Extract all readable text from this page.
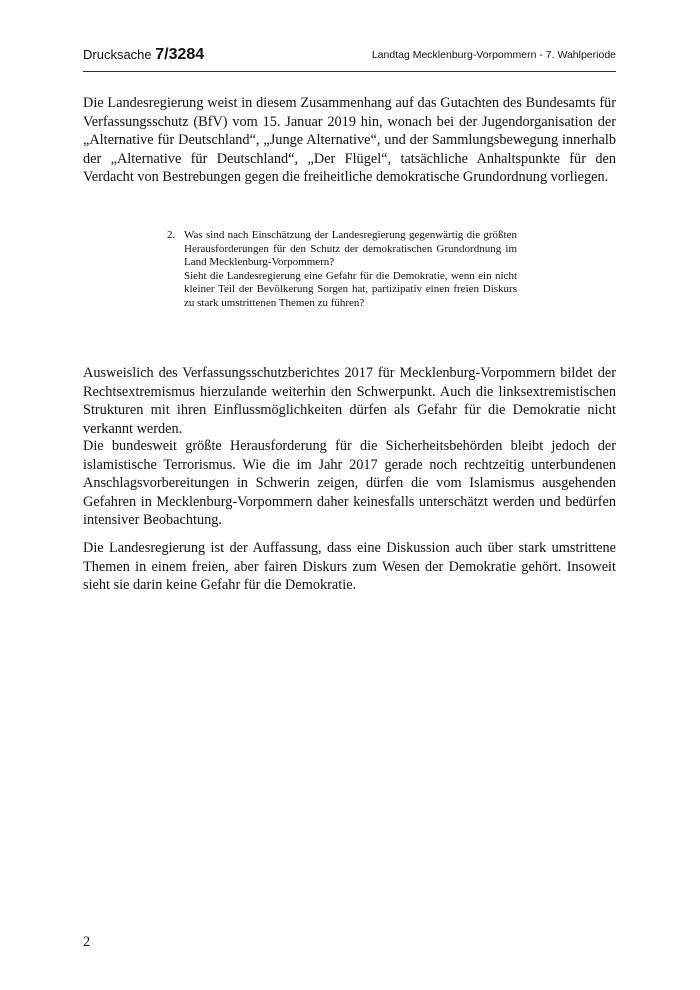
Drucksache 7/3284	Landtag Mecklenburg-Vorpommern - 7. Wahlperiode

Die Landesregierung weist in diesem Zusammenhang auf das Gutachten des Bundesamts für Verfassungsschutz (BfV) vom 15. Januar 2019 hin, wonach bei der Jugendorganisation der „Alternative für Deutschland“, „Junge Alternative“, und der Sammlungsbewegung innerhalb der „Alternative für Deutschland“, „Der Flügel“, tatsächliche Anhaltspunkte für den Verdacht von Bestrebungen gegen die freiheitliche demokratische Grundordnung vorliegen.

2. Was sind nach Einschätzung der Landesregierung gegenwärtig die größten Herausforderungen für den Schutz der demokratischen Grundordnung im Land Mecklenburg-Vorpommern?

Sieht die Landesregierung eine Gefahr für die Demokratie, wenn ein nicht kleiner Teil der Bevölkerung Sorgen hat, partizipativ einen freien Diskurs zu stark umstrittenen Themen zu führen?

Ausweislich des Verfassungsschutzberichtes 2017 für Mecklenburg-Vorpommern bildet der Rechtsextremismus hierzulande weiterhin den Schwerpunkt. Auch die linksextremistischen Strukturen mit ihren Einflussmöglichkeiten dürfen als Gefahr für die Demokratie nicht verkannt werden.

Die bundesweit größte Herausforderung für die Sicherheitsbehörden bleibt jedoch der islamistische Terrorismus. Wie die im Jahr 2017 gerade noch rechtzeitig unterbundenen Anschlagsvorbereitungen in Schwerin zeigen, dürfen die vom Islamismus ausgehenden Gefahren in Mecklenburg-Vorpommern daher keinesfalls unterschätzt werden und bedürfen intensiver Beobachtung.

Die Landesregierung ist der Auffassung, dass eine Diskussion auch über stark umstrittene Themen in einem freien, aber fairen Diskurs zum Wesen der Demokratie gehört. Insoweit sieht sie darin keine Gefahr für die Demokratie.

2
